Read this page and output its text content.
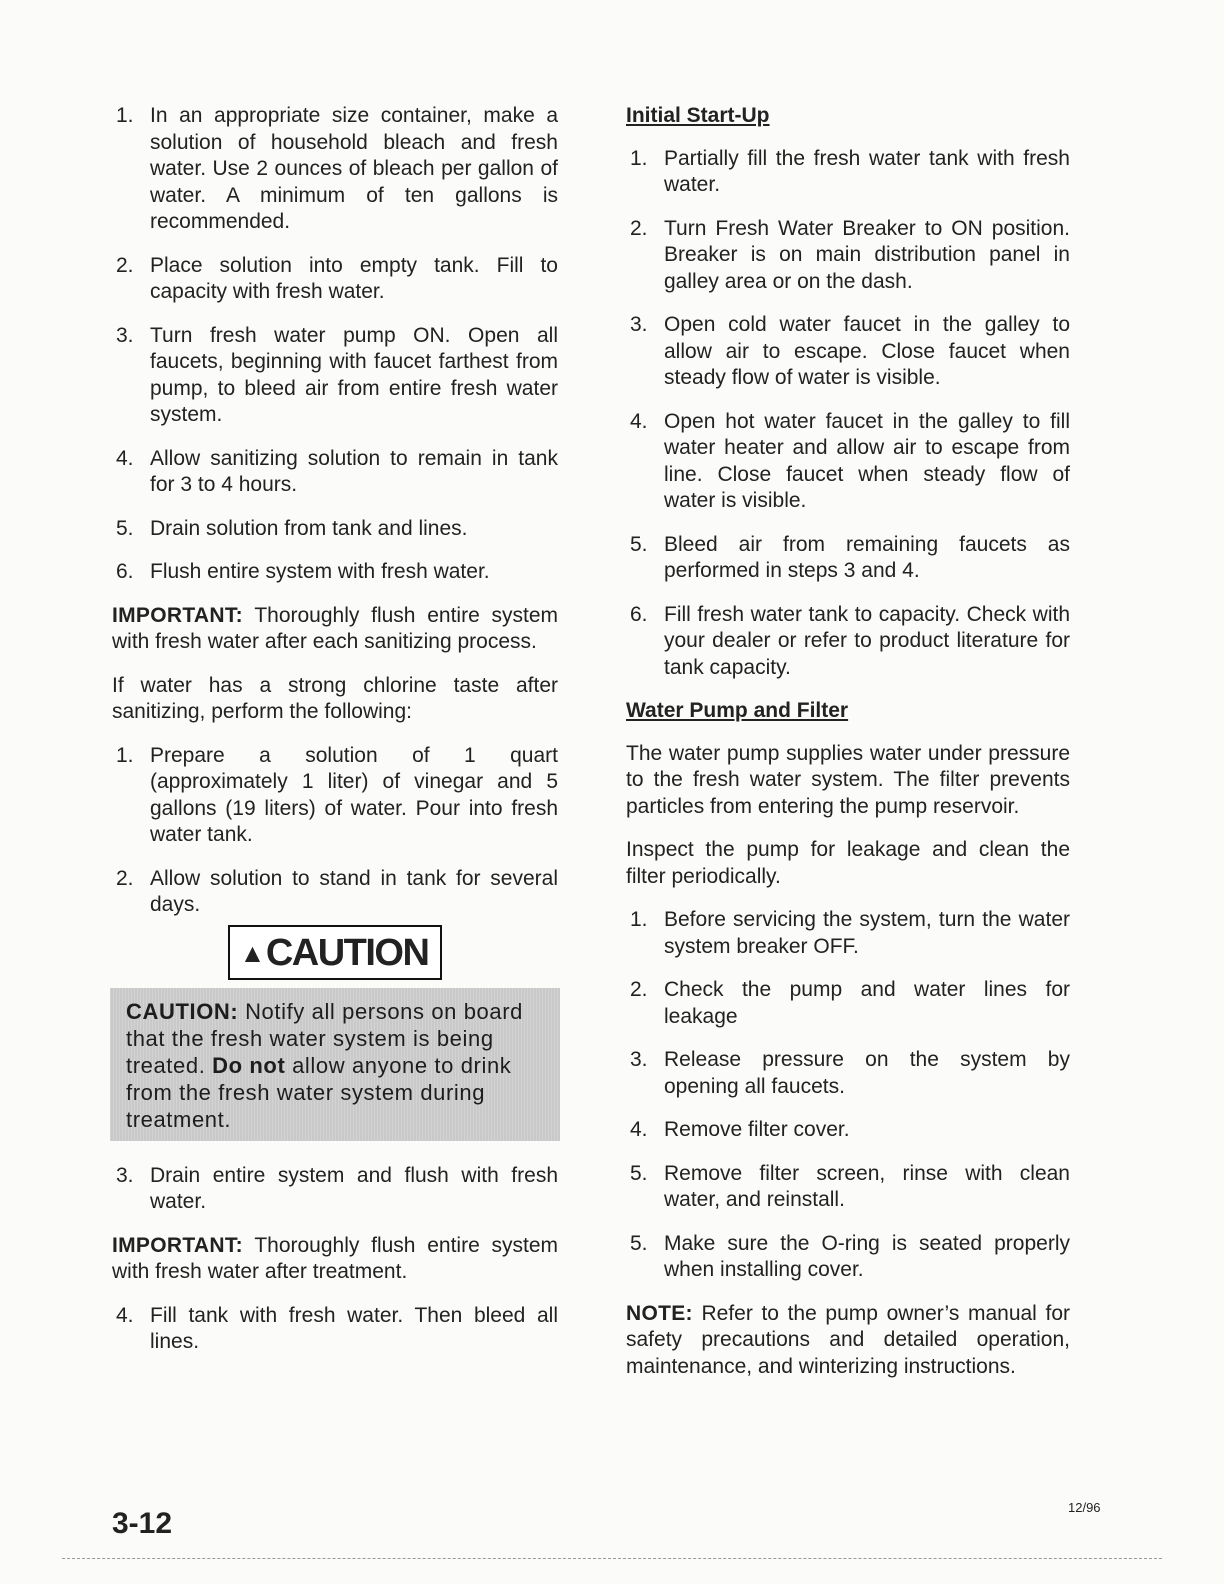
1. In an appropriate size container, make a solution of household bleach and fresh water. Use 2 ounces of bleach per gallon of water. A minimum of ten gallons is recommended.
2. Place solution into empty tank. Fill to capacity with fresh water.
3. Turn fresh water pump ON. Open all faucets, beginning with faucet farthest from pump, to bleed air from entire fresh water system.
4. Allow sanitizing solution to remain in tank for 3 to 4 hours.
5. Drain solution from tank and lines.
6. Flush entire system with fresh water.

IMPORTANT: Thoroughly flush entire system with fresh water after each sanitizing process.

If water has a strong chlorine taste after sanitizing, perform the following:

1. Prepare a solution of 1 quart (approximately 1 liter) of vinegar and 5 gallons (19 liters) of water. Pour into fresh water tank.
2. Allow solution to stand in tank for several days.
▲CAUTION
CAUTION: Notify all persons on board that the fresh water system is being treated. Do not allow anyone to drink from the fresh water system during treatment.
3. Drain entire system and flush with fresh water.

IMPORTANT: Thoroughly flush entire system with fresh water after treatment.

4. Fill tank with fresh water. Then bleed all lines.
Initial Start-Up
1. Partially fill the fresh water tank with fresh water.
2. Turn Fresh Water Breaker to ON position. Breaker is on main distribution panel in galley area or on the dash.
3. Open cold water faucet in the galley to allow air to escape. Close faucet when steady flow of water is visible.
4. Open hot water faucet in the galley to fill water heater and allow air to escape from line. Close faucet when steady flow of water is visible.
5. Bleed air from remaining faucets as performed in steps 3 and 4.
6. Fill fresh water tank to capacity. Check with your dealer or refer to product literature for tank capacity.
Water Pump and Filter

The water pump supplies water under pressure to the fresh water system. The filter prevents particles from entering the pump reservoir.

Inspect the pump for leakage and clean the filter periodically.

1. Before servicing the system, turn the water system breaker OFF.
2. Check the pump and water lines for leakage
3. Release pressure on the system by opening all faucets.
4. Remove filter cover.
5. Remove filter screen, rinse with clean water, and reinstall.
5. Make sure the O-ring is seated properly when installing cover.

NOTE: Refer to the pump owner’s manual for safety precautions and detailed operation, maintenance, and winterizing instructions.

12/96
3-12
